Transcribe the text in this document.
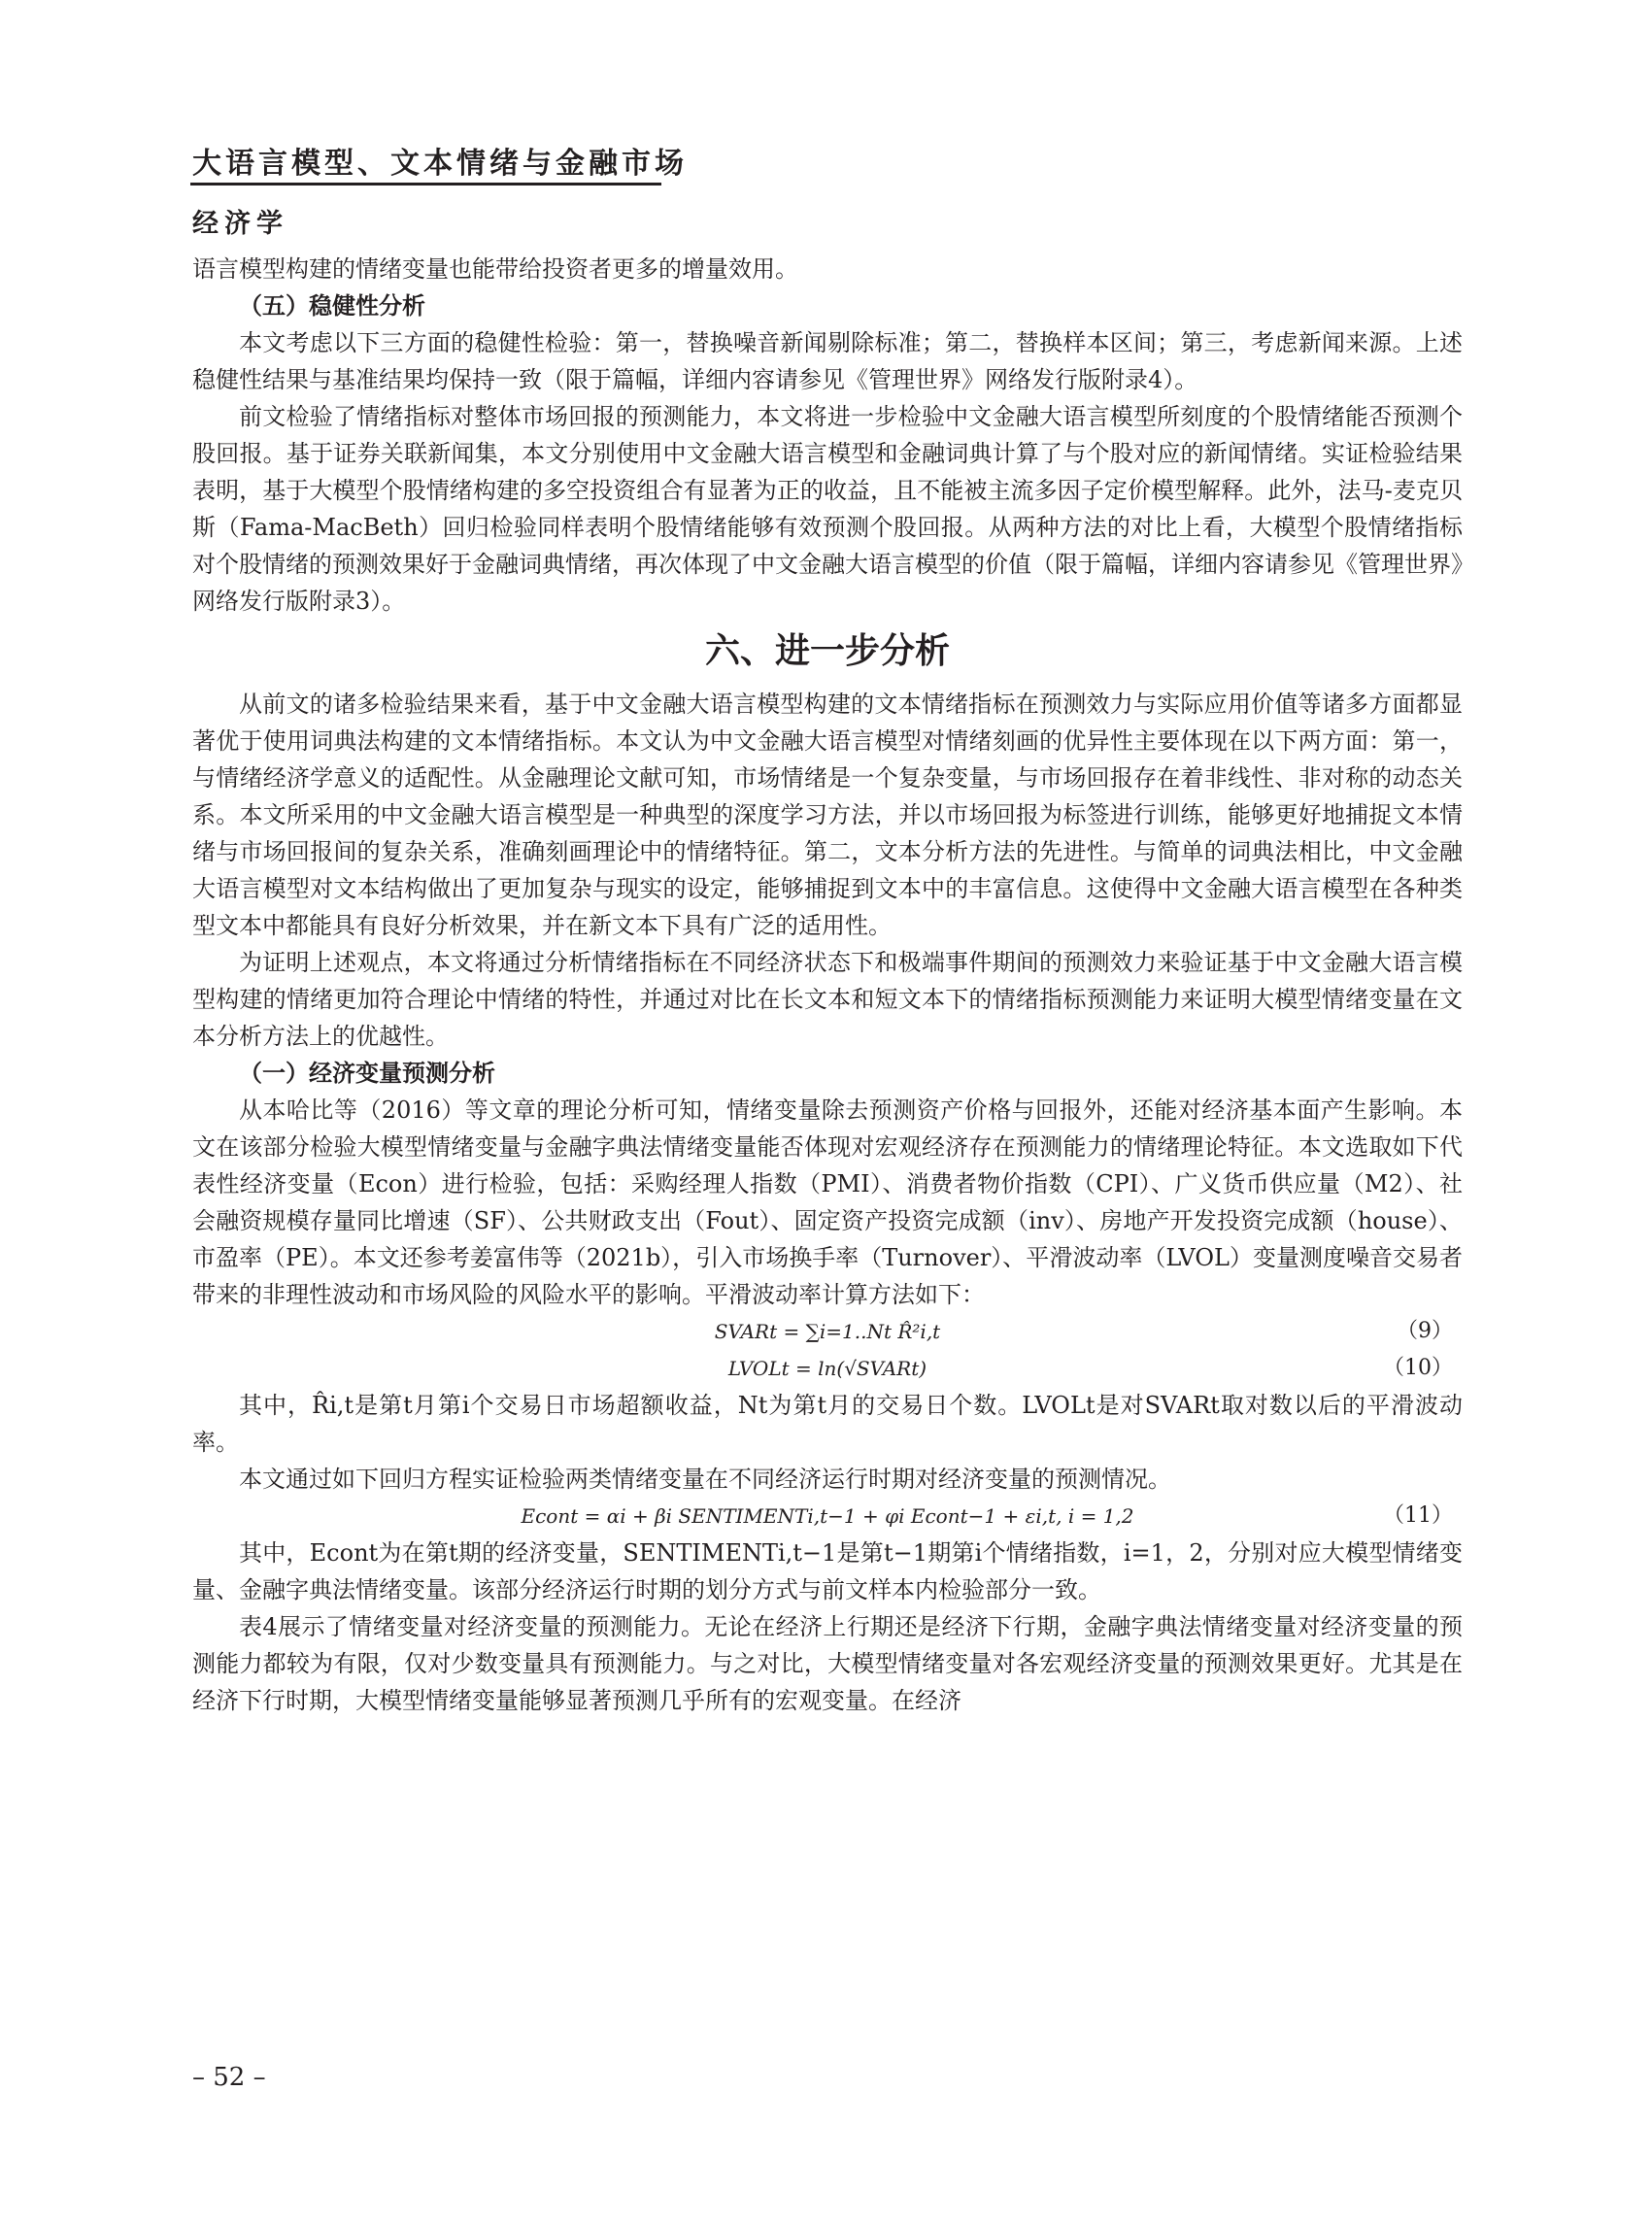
大语言模型、文本情绪与金融市场
经济学

语言模型构建的情绪变量也能带给投资者更多的增量效用。

（五）稳健性分析

本文考虑以下三方面的稳健性检验：第一，替换噪音新闻剔除标准；第二，替换样本区间；第三，考虑新闻来源。上述稳健性结果与基准结果均保持一致（限于篇幅，详细内容请参见《管理世界》网络发行版附录4）。

前文检验了情绪指标对整体市场回报的预测能力，本文将进一步检验中文金融大语言模型所刻度的个股情绪能否预测个股回报。基于证券关联新闻集，本文分别使用中文金融大语言模型和金融词典计算了与个股对应的新闻情绪。实证检验结果表明，基于大模型个股情绪构建的多空投资组合有显著为正的收益，且不能被主流多因子定价模型解释。此外，法马-麦克贝斯（Fama-MacBeth）回归检验同样表明个股情绪能够有效预测个股回报。从两种方法的对比上看，大模型个股情绪指标对个股情绪的预测效果好于金融词典情绪，再次体现了中文金融大语言模型的价值（限于篇幅，详细内容请参见《管理世界》网络发行版附录3）。

六、进一步分析

从前文的诸多检验结果来看，基于中文金融大语言模型构建的文本情绪指标在预测效力与实际应用价值等诸多方面都显著优于使用词典法构建的文本情绪指标。本文认为中文金融大语言模型对情绪刻画的优异性主要体现在以下两方面：第一，与情绪经济学意义的适配性。从金融理论文献可知，市场情绪是一个复杂变量，与市场回报存在着非线性、非对称的动态关系。本文所采用的中文金融大语言模型是一种典型的深度学习方法，并以市场回报为标签进行训练，能够更好地捕捉文本情绪与市场回报间的复杂关系，准确刻画理论中的情绪特征。第二，文本分析方法的先进性。与简单的词典法相比，中文金融大语言模型对文本结构做出了更加复杂与现实的设定，能够捕捉到文本中的丰富信息。这使得中文金融大语言模型在各种类型文本中都能具有良好分析效果，并在新文本下具有广泛的适用性。

为证明上述观点，本文将通过分析情绪指标在不同经济状态下和极端事件期间的预测效力来验证基于中文金融大语言模型构建的情绪更加符合理论中情绪的特性，并通过对比在长文本和短文本下的情绪指标预测能力来证明大模型情绪变量在文本分析方法上的优越性。

（一）经济变量预测分析

从本哈比等（2016）等文章的理论分析可知，情绪变量除去预测资产价格与回报外，还能对经济基本面产生影响。本文在该部分检验大模型情绪变量与金融字典法情绪变量能否体现对宏观经济存在预测能力的情绪理论特征。本文选取如下代表性经济变量（Econ）进行检验，包括：采购经理人指数（PMI）、消费者物价指数（CPI）、广义货币供应量（M2）、社会融资规模存量同比增速（SF）、公共财政支出（Fout）、固定资产投资完成额（inv）、房地产开发投资完成额（house）、市盈率（PE）。本文还参考姜富伟等（2021b），引入市场换手率（Turnover）、平滑波动率（LVOL）变量测度噪音交易者带来的非理性波动和市场风险的风险水平的影响。平滑波动率计算方法如下：

SVARt = ∑i=1..Nt R̂²i,t	（9）
LVOLt = ln(√SVARt)	（10）

其中，R̂i,t是第t月第i个交易日市场超额收益，Nt为第t月的交易日个数。LVOLt是对SVARt取对数以后的平滑波动率。

本文通过如下回归方程实证检验两类情绪变量在不同经济运行时期对经济变量的预测情况。

Econt = αi + βi SENTIMENTi,t−1 + φi Econt−1 + εi,t, i = 1,2	（11）

其中，Econt为在第t期的经济变量，SENTIMENTi,t−1是第t−1期第i个情绪指数，i=1，2，分别对应大模型情绪变量、金融字典法情绪变量。该部分经济运行时期的划分方式与前文样本内检验部分一致。

表4展示了情绪变量对经济变量的预测能力。无论在经济上行期还是经济下行期，金融字典法情绪变量对经济变量的预测能力都较为有限，仅对少数变量具有预测能力。与之对比，大模型情绪变量对各宏观经济变量的预测效果更好。尤其是在经济下行时期，大模型情绪变量能够显著预测几乎所有的宏观变量。在经济

– 52 –
